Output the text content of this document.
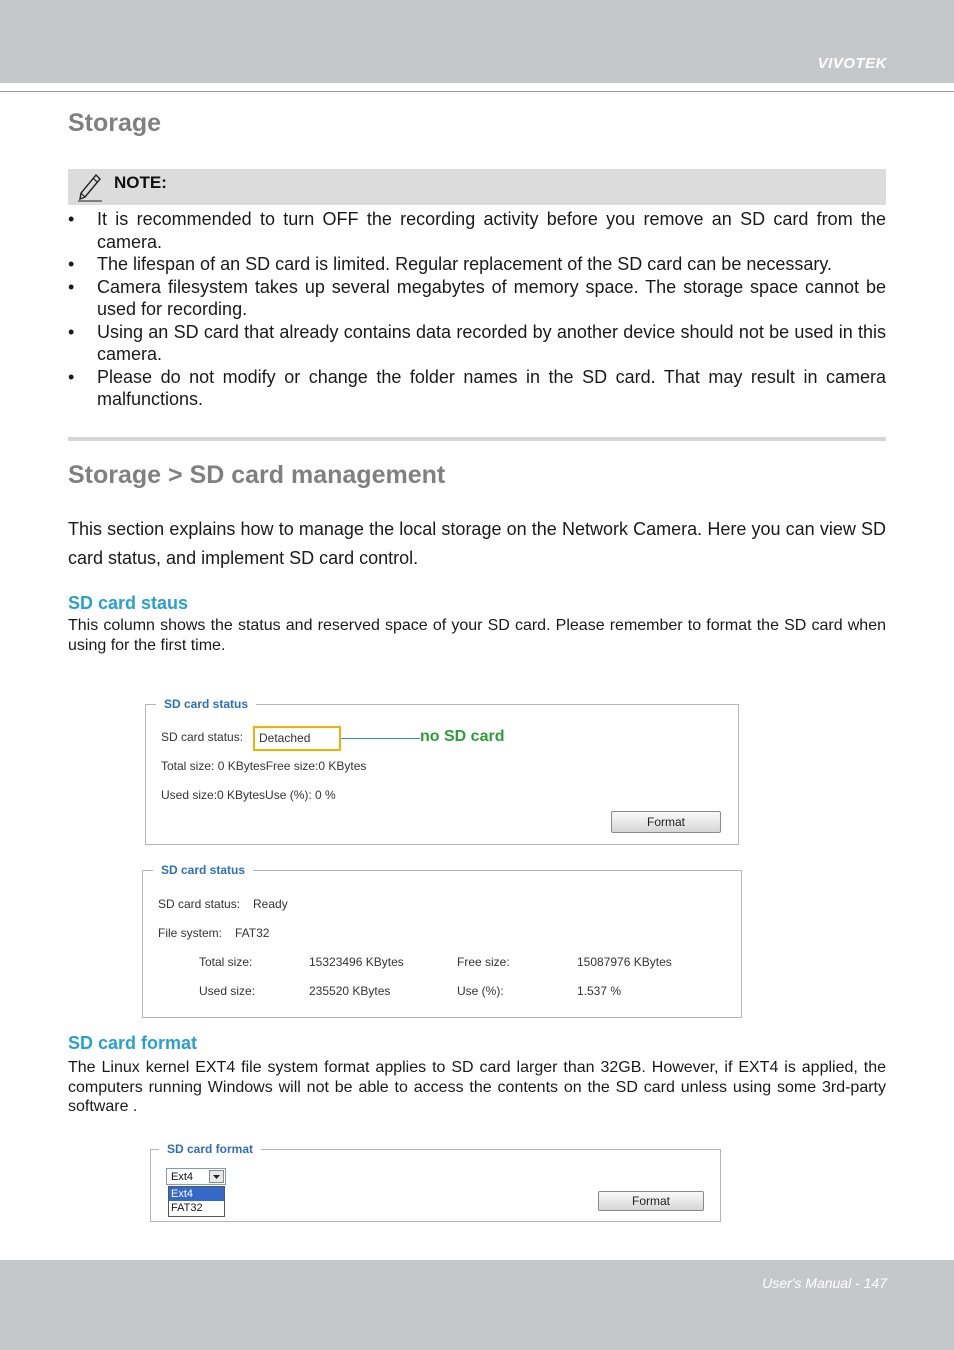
VIVOTEK
Storage
NOTE:
• It is recommended to turn OFF the recording activity before you remove an SD card from the camera.
• The lifespan of an SD card is limited. Regular replacement of the SD card can be necessary.
• Camera filesystem takes up several megabytes of memory space. The storage space cannot be used for recording.
• Using an SD card that already contains data recorded by another device should not be used in this camera.
• Please do not modify or change the folder names in the SD card. That may result in camera malfunctions.
Storage > SD card management
This section explains how to manage the local storage on the Network Camera. Here you can view SD card status, and implement SD card control.
SD card staus
This column shows the status and reserved space of your SD card. Please remember to format the SD card when using for the first time.
SD card status
SD card status:	Detached	no SD card
Total size: 0 KBytesFree size:0 KBytes
Used size:0 KBytesUse (%): 0 %
Format
SD card status
SD card status: Ready
File system: FAT32
Total size:	15323496 KBytes	Free size:	15087976 KBytes
Used size:	235520 KBytes	Use (%):	1.537 %
SD card format
The Linux kernel EXT4 file system format applies to SD card larger than 32GB. However, if EXT4 is applied, the computers running Windows will not be able to access the contents on the SD card unless using some 3rd-party software .
SD card format
Ext4
Ext4
FAT32	Format
User's Manual - 147
